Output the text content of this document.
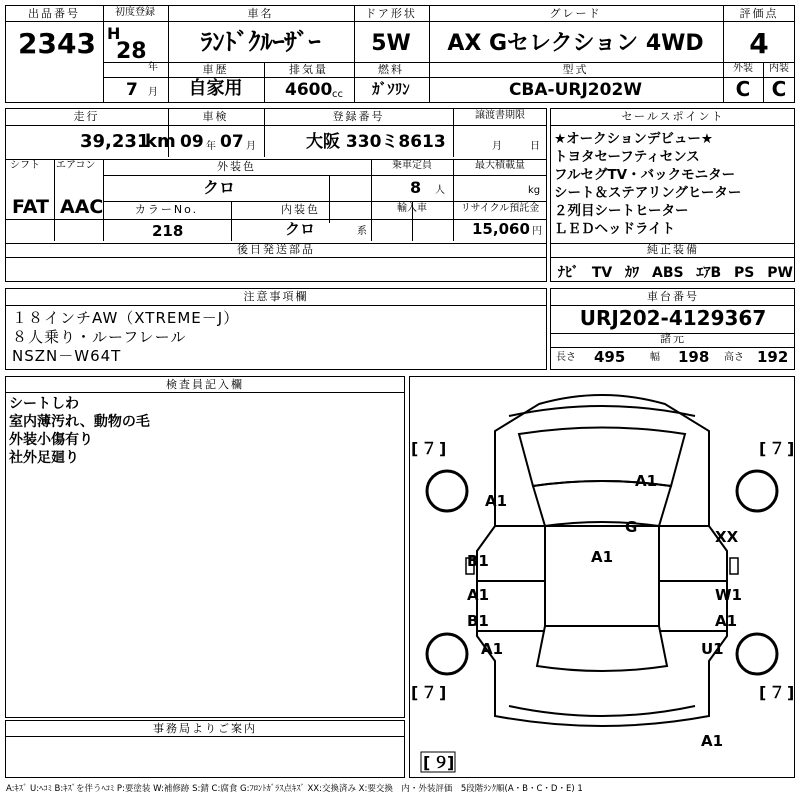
出品番号
2343
初度登録
H
28
年
7 月
車名
ﾗﾝﾄﾞｸﾙｰｻﾞｰ
ドア形状
5W
グレード
AX Gセレクション 4WD
評価点
4
車歴
自家用
排気量
4600 cc
燃料
ｶﾞｿﾘﾝ
型式
CBA-URJ202W
外装
C
内装
C
走行
39,231
km
車検
09 年 07 月
登録番号
大阪 330ミ8613
譲渡書期限
月	日
シフト
FAT
エアコン
AAC
外装色
クロ
乗車定員
8 人
最大積載量
kg
カラーNo.
218
内装色
クロ	系
輸入車	リサイクル預託金
15,060 円
後日発送部品
セールスポイント
★オークションデビュー★
トヨタセーフティセンス
フルセグTV・バックモニター
シート＆ステアリングヒーター
２列目シートヒーター
ＬＥＤヘッドライト
純正装備
ﾅﾋﾞ TV ｶﾜ ABS ｴｱB PS PW
注意事項欄
１８インチAW（XTREME－J）
８人乗り・ルーフレール
NSZN－W64T
車台番号
URJ202-4129367
諸元
長さ 495 幅 198 高さ 192
検査員記入欄
シートしわ
室内薄汚れ、動物の毛
外装小傷有り
社外足廻り
事務局よりご案内
[ ７ ]	[ ７ ]
[ ７ ]	[ ７ ]
[ ９
]
A1
A1
G
A1
XX
B1
A1
B1
W1
A1
A1	U1
A1
A:ｷｽﾞ U:ﾍｺﾐ B:ｷｽﾞを伴うﾍｺﾐ P:要塗装 W:補修跡 S:錆 C:腐食 G:ﾌﾛﾝﾄｶﾞﾗｽ点ｷｽﾞ XX:交換済み X:要交換　内・外装評価　5段階ﾗﾝｸ順(A・B・C・D・E) 1
